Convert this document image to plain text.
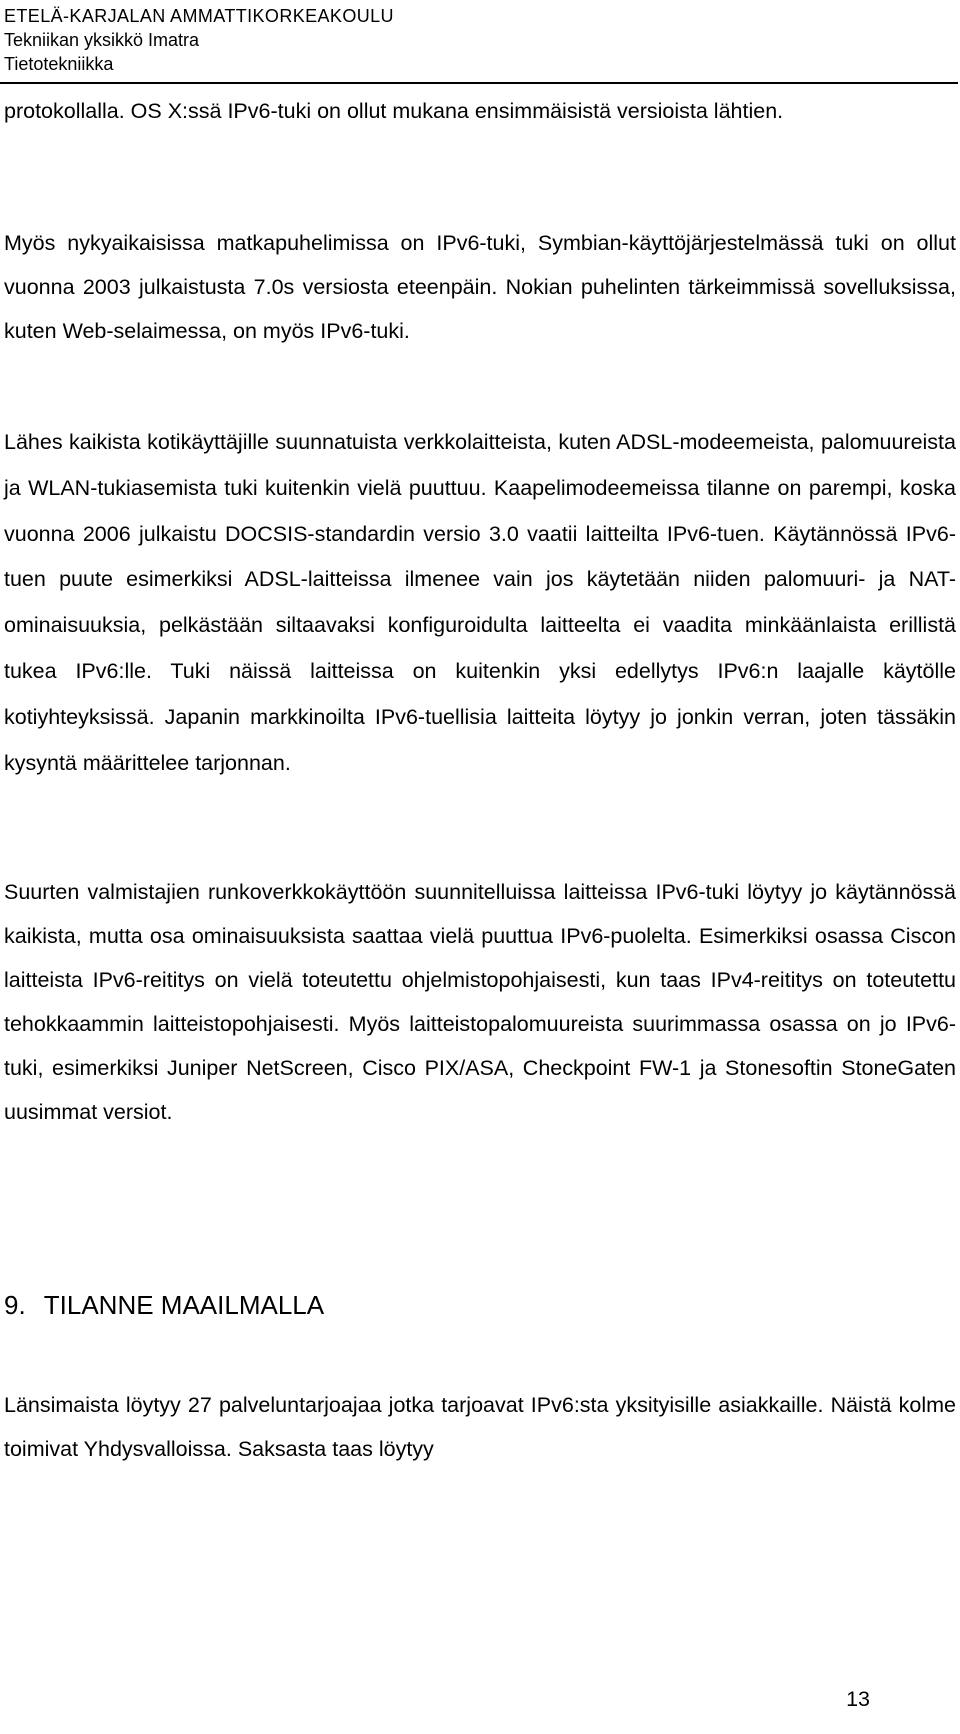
ETELÄ-KARJALAN AMMATTIKORKEAKOULU
Tekniikan yksikkö Imatra
Tietotekniikka

protokollalla. OS X:ssä IPv6-tuki on ollut mukana ensimmäisistä versioista lähtien.

Myös nykyaikaisissa matkapuhelimissa on IPv6-tuki, Symbian-käyttöjärjestelmässä tuki on ollut vuonna 2003 julkaistusta 7.0s versiosta eteenpäin. Nokian puhelinten tärkeimmissä sovelluksissa, kuten Web-selaimessa, on myös IPv6-tuki.

Lähes kaikista kotikäyttäjille suunnatuista verkkolaitteista, kuten ADSL-modeemeista, palomuureista ja WLAN-tukiasemista tuki kuitenkin vielä puuttuu. Kaapelimodeemeissa tilanne on parempi, koska vuonna 2006 julkaistu DOCSIS-standardin versio 3.0 vaatii laitteilta IPv6-tuen. Käytännössä IPv6-tuen puute esimerkiksi ADSL-laitteissa ilmenee vain jos käytetään niiden palomuuri- ja NAT-ominaisuuksia, pelkästään siltaavaksi konfiguroidulta laitteelta ei vaadita minkäänlaista erillistä tukea IPv6:lle. Tuki näissä laitteissa on kuitenkin yksi edellytys IPv6:n laajalle käytölle kotiyhteyksissä. Japanin markkinoilta IPv6-tuellisia laitteita löytyy jo jonkin verran, joten tässäkin kysyntä määrittelee tarjonnan.

Suurten valmistajien runkoverkkokäyttöön suunnitelluissa laitteissa IPv6-tuki löytyy jo käytännössä kaikista, mutta osa ominaisuuksista saattaa vielä puuttua IPv6-puolelta. Esimerkiksi osassa Ciscon laitteista IPv6-reititys on vielä toteutettu ohjelmistopohjaisesti, kun taas IPv4-reititys on toteutettu tehokkaammin laitteistopohjaisesti. Myös laitteistopalomuureista suurimmassa osassa on jo IPv6-tuki, esimerkiksi Juniper NetScreen, Cisco PIX/ASA, Checkpoint FW-1 ja Stonesoftin StoneGaten uusimmat versiot.

9. TILANNE MAAILMALLA

Länsimaista löytyy 27 palveluntarjoajaa jotka tarjoavat IPv6:sta yksityisille asiakkaille. Näistä kolme toimivat Yhdysvalloissa. Saksasta taas löytyy

13
